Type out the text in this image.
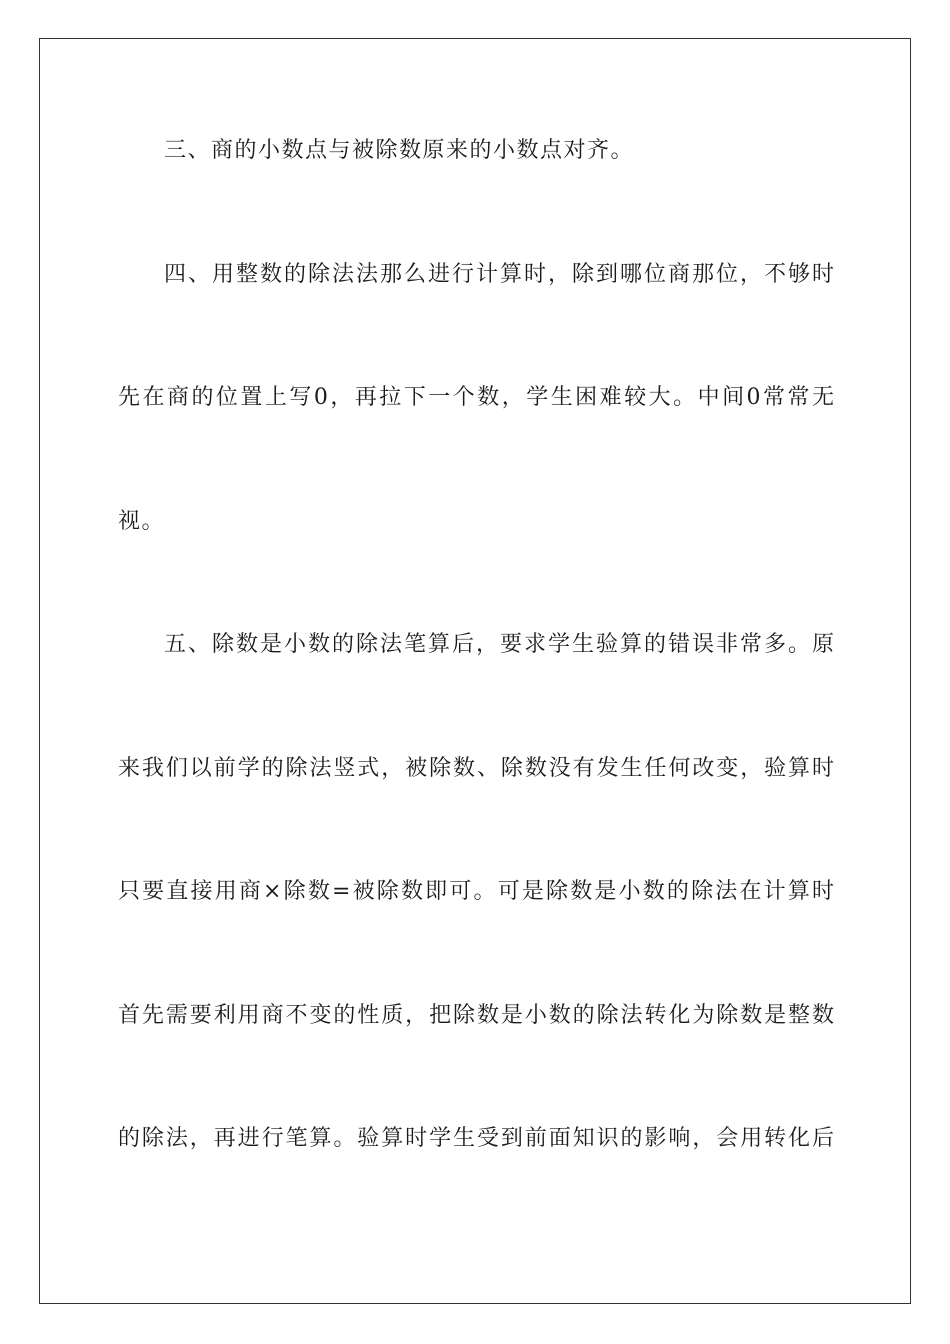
三、商的小数点与被除数原来的小数点对齐。
四、用整数的除法法那么进行计算时，除到哪位商那位，不够时
先在商的位置上写0，再拉下一个数，学生困难较大。中间0常常无
视。
五、除数是小数的除法笔算后，要求学生验算的错误非常多。原
来我们以前学的除法竖式，被除数、除数没有发生任何改变，验算时
只要直接用商×除数=被除数即可。可是除数是小数的除法在计算时
首先需要利用商不变的性质，把除数是小数的除法转化为除数是整数
的除法，再进行笔算。验算时学生受到前面知识的影响，会用转化后
